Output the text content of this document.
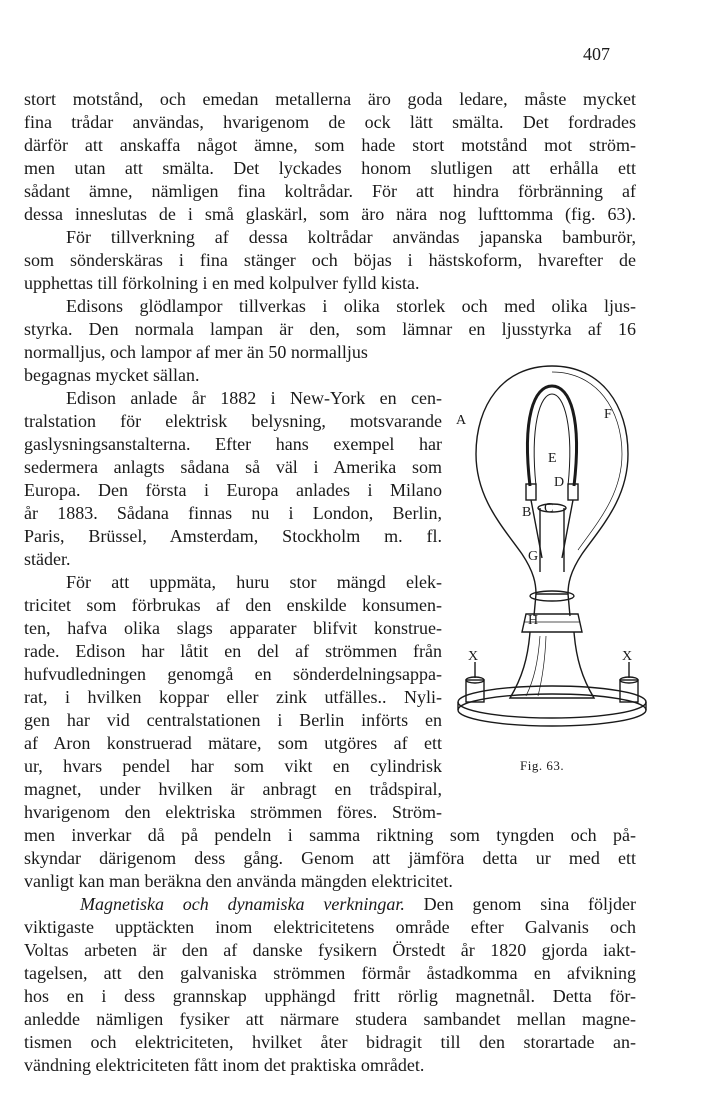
407
stort motstånd, och emedan metallerna äro goda ledare, måste mycket
fina trådar användas, hvarigenom de ock lätt smälta. Det fordrades
därför att anskaffa något ämne, som hade stort motstånd mot ström-
men utan att smälta. Det lyckades honom slutligen att erhålla ett
sådant ämne, nämligen fina koltrådar. För att hindra förbränning af
dessa inneslutas de i små glaskärl, som äro nära nog lufttomma (fig. 63).
För tillverkning af dessa koltrådar användas japanska bamburör,
som sönderskäras i fina stänger och böjas i hästskoform, hvarefter de
upphettas till förkolning i en med kolpulver fylld kista.
Edisons glödlampor tillverkas i olika storlek och med olika ljus-
styrka. Den normala lampan är den, som lämnar en ljusstyrka af 16
normalljus, och lampor af mer än 50 normalljus
begagnas mycket sällan.
Edison anlade år 1882 i New-York en cen-
tralstation för elektrisk belysning, motsvarande
gaslysningsanstalterna. Efter hans exempel har
sedermera anlagts sådana så väl i Amerika som
Europa. Den första i Europa anlades i Milano
år 1883. Sådana finnas nu i London, Berlin,
Paris, Brüssel, Amsterdam, Stockholm m. fl.
städer.
För att uppmäta, huru stor mängd elek-
tricitet som förbrukas af den enskilde konsumen-
ten, hafva olika slags apparater blifvit konstrue-
rade. Edison har låtit en del af strömmen från
hufvudledningen genomgå en sönderdelningsappa-
rat, i hvilken koppar eller zink utfälles.. Nyli-
gen har vid centralstationen i Berlin införts en
af Aron konstruerad mätare, som utgöres af ett
ur, hvars pendel har som vikt en cylindrisk
magnet, under hvilken är anbragt en trådspiral,
hvarigenom den elektriska strömmen föres. Ström-
men inverkar då på pendeln i samma riktning som tyngden och på-
skyndar därigenom dess gång. Genom att jämföra detta ur med ett
vanligt kan man beräkna den använda mängden elektricitet.
Magnetiska och dynamiska verkningar. Den genom sina följder
viktigaste upptäckten inom elektricitetens område efter Galvanis och
Voltas arbeten är den af danske fysikern Örstedt år 1820 gjorda iakt-
tagelsen, att den galvaniska strömmen förmår åstadkomma en afvikning
hos en i dess grannskap upphängd fritt rörlig magnetnål. Detta för-
anledde nämligen fysiker att närmare studera sambandet mellan magne-
tismen och elektriciteten, hvilket åter bidragit till den storartade an-
vändning elektriciteten fått inom det praktiska området.
A	F
E
D
B C
G
H
X	X
Fig. 63.
